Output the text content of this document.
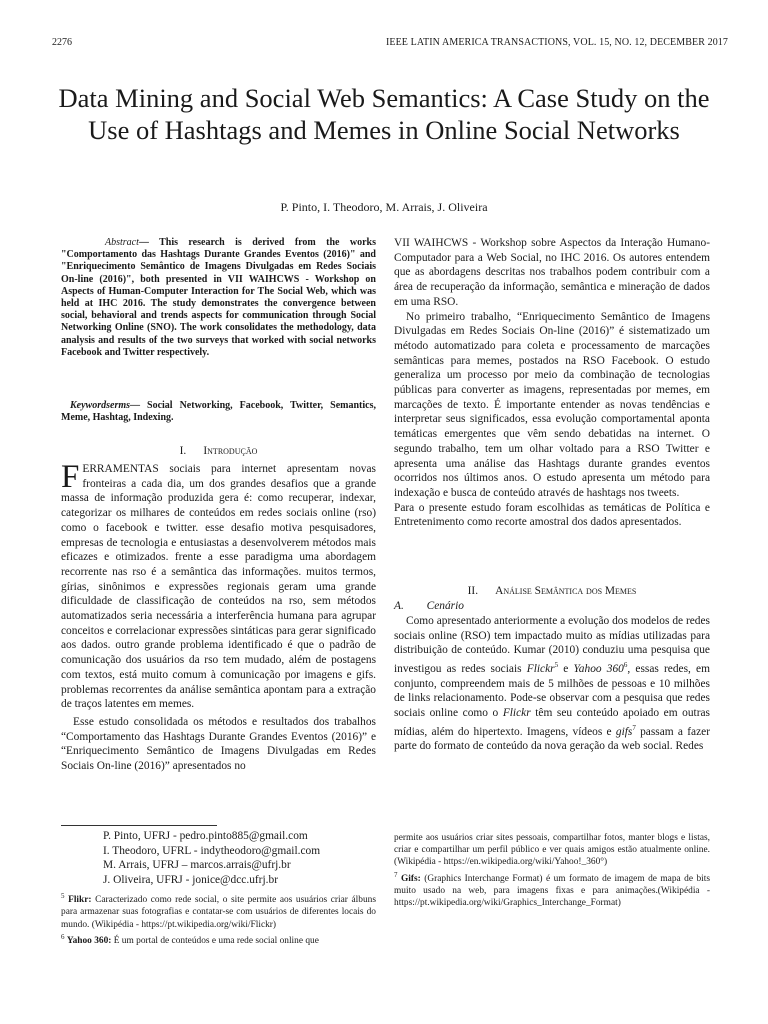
2276	IEEE LATIN AMERICA TRANSACTIONS, VOL. 15, NO. 12, DECEMBER 2017
Data Mining and Social Web Semantics: A Case Study on the Use of Hashtags and Memes in Online Social Networks
P. Pinto, I. Theodoro, M. Arrais, J. Oliveira

Abstract— This research is derived from the works "Comportamento das Hashtags Durante Grandes Eventos (2016)" and "Enriquecimento Semântico de Imagens Divulgadas em Redes Sociais On-line (2016)", both presented in VII WAIHCWS - Workshop on Aspects of Human-Computer Interaction for The Social Web, which was held at IHC 2016. The study demonstrates the convergence between social, behavioral and trends aspects for communication through Social Networking Online (SNO). The work consolidates the methodology, data analysis and results of the two surveys that worked with social networks Facebook and Twitter respectively.

Keywordserms— Social Networking, Facebook, Twitter, Semantics, Meme, Hashtag, Indexing.

I. Introdução

FERRAMENTAS sociais para internet apresentam novas fronteiras a cada dia, um dos grandes desafios que a grande massa de informação produzida gera é: como recuperar, indexar, categorizar os milhares de conteúdos em redes sociais online (rso) como o facebook e twitter. esse desafio motiva pesquisadores, empresas de tecnologia e entusiastas a desenvolverem métodos mais eficazes e otimizados. frente a esse paradigma uma abordagem recorrente nas rso é a semântica das informações. muitos termos, gírias, sinônimos e expressões regionais geram uma grande dificuldade de classificação de conteúdos na rso, sem métodos automatizados seria necessária a interferência humana para agrupar conceitos e correlacionar expressões sintáticas para gerar significado aos dados. outro grande problema identificado é que o padrão de comunicação dos usuários da rso tem mudado, além de postagens com textos, está muito comum à comunicação por imagens e gifs. problemas recorrentes da análise semântica apontam para a extração de traços latentes em memes.

Esse estudo consolidada os métodos e resultados dos trabalhos “Comportamento das Hashtags Durante Grandes Eventos (2016)” e “Enriquecimento Semântico de Imagens Divulgadas em Redes Sociais On-line (2016)” apresentados no

VII WAIHCWS - Workshop sobre Aspectos da Interação Humano-Computador para a Web Social, no IHC 2016. Os autores entendem que as abordagens descritas nos trabalhos podem contribuir com a área de recuperação da informação, semântica e mineração de dados em uma RSO.

No primeiro trabalho, “Enriquecimento Semântico de Imagens Divulgadas em Redes Sociais On-line (2016)” é sistematizado um método automatizado para coleta e processamento de marcações semânticas para memes, postados na RSO Facebook. O estudo generaliza um processo por meio da combinação de tecnologias públicas para converter as imagens, representadas por memes, em marcações de texto. É importante entender as novas tendências e interpretar seus significados, essa evolução comportamental aponta temáticas emergentes que vêm sendo debatidas na internet. O segundo trabalho, tem um olhar voltado para a RSO Twitter e apresenta uma análise das Hashtags durante grandes eventos ocorridos nos últimos anos. O estudo apresenta um método para indexação e busca de conteúdo através de hashtags nos tweets.

Para o presente estudo foram escolhidas as temáticas de Política e Entretenimento como recorte amostral dos dados apresentados.

II. Análise Semântica dos Memes
A. Cenário

Como apresentado anteriormente a evolução dos modelos de redes sociais online (RSO) tem impactado muito as mídias utilizadas para distribuição de conteúdo. Kumar (2010) conduziu uma pesquisa que investigou as redes sociais Flickr$^5$ e Yahoo $360^6$, essas redes, em conjunto, compreendem mais de 5 milhões de pessoas e 10 milhões de links relacionamento. Pode-se observar com a pesquisa que redes sociais online como o Flickr têm seu conteúdo apoiado em outras mídias, além do hipertexto. Imagens, vídeos e gifs$^7$ passam a fazer parte do formato de conteúdo da nova geração da web social. Redes

P. Pinto, UFRJ - pedro.pinto885@gmail.com
I. Theodoro, UFRL - indytheodoro@gmail.com
M. Arrais, UFRJ – marcos.arrais@ufrj.br
J. Oliveira, UFRJ - jonice@dcc.ufrj.br

$^5$ Flikr: Caracterizado como rede social, o site permite aos usuários criar álbuns para armazenar suas fotografias e contatar-se com usuários de diferentes locais do mundo. (Wikipédia - https://pt.wikipedia.org/wiki/Flickr)

$^6$ Yahoo 360: É um portal de conteúdos e uma rede social online que

permite aos usuários criar sites pessoais, compartilhar fotos, manter blogs e listas, criar e compartilhar um perfil público e ver quais amigos estão atualmente online. (Wikipédia - https://en.wikipedia.org/wiki/Yahoo!_360°)

$^7$ Gifs: (Graphics Interchange Format) é um formato de imagem de mapa de bits muito usado na web, para imagens fixas e para animações.(Wikipédia - https://pt.wikipedia.org/wiki/Graphics_Interchange_Format)
